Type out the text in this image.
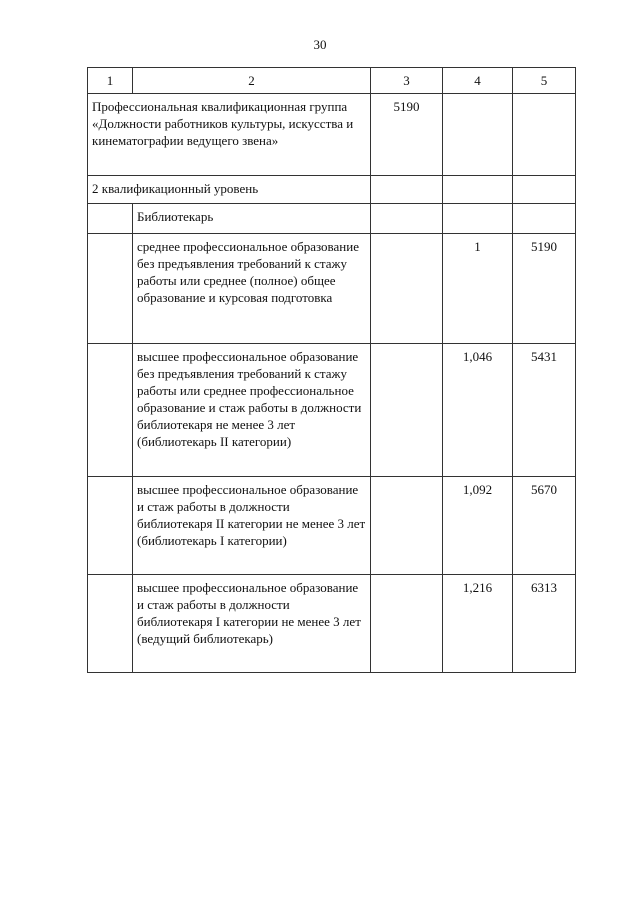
30
1	2	3	4	5
Профессиональная квалификационная группа «Должности работников культуры, искусства и кинематографии ведущего звена»		5190		
2 квалификационный уровень				
	Библиотекарь			
	среднее профессиональное образование без предъявления требований к стажу работы или среднее (полное) общее образование и курсовая подготовка		1	5190
	высшее профессиональное образование без предъявления требований к стажу работы или среднее профессиональное образование и стаж работы в должности библиотекаря не менее 3 лет (библиотекарь II категории)		1,046	5431
	высшее профессиональное образование и стаж работы в должности библиотекаря II категории не менее 3 лет (библиотекарь I категории)		1,092	5670
	высшее профессиональное образование и стаж работы в должности библиотекаря I категории не менее 3 лет (ведущий библиотекарь)		1,216	6313
